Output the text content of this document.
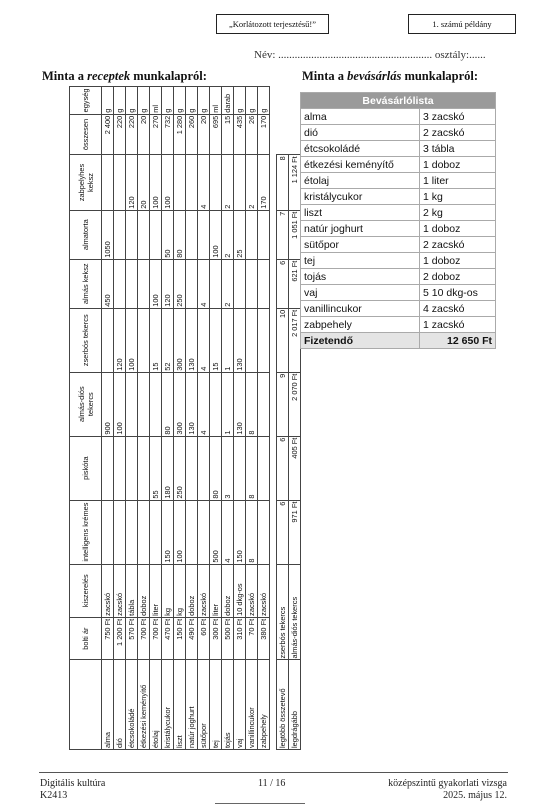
„Korlátozott terjesztésű!”	1. számú példány
Név: ........................................................ osztály:......
Minta a receptek munkalapról:	Minta a bevásárlás munkalapról:
	bolti ár	kiszerelés	intelligens krémes	piskóta	almás-diós tekercs	zserbós tekercs	almás keksz	almatorta	zabpelyhes keksz	összesen	egység
alma	750 Ft	zacskó			900		450	1050		2 400	g
dió	1 200 Ft	zacskó			100	120				220	g
étcsokoládé	570 Ft	tábla				100			120	220	g
étkezési keményítő	700 Ft	doboz							20	20	g
étolaj	700 Ft	liter		55		15	100		100	270	ml
kristálycukor	470 Ft	kg	150	180	80	52	120	50	100	732	g
liszt	150 Ft	kg	100	250	300	300	250	80		1 280	g
natúr joghurt	490 Ft	doboz			130	130				260	g
sütőpor	60 Ft	zacskó			4	4	4		4	20	g
tej	300 Ft	liter	500	80		15		100		695	ml
tojás	500 Ft	doboz	4	3	1	1	2	2	2	15	darab
vaj	310 Ft	10 dkg-os	150		130	130		25		435	g
vanillincukor	70 Ft	zacskó	8	8	8				2	26	g
zabpehely	380 Ft	zacskó							170	170	g

legtöbb összetevő	zserbós tekercs		6	6	9	10	6	7	8		
legdrágább	almás-diós tekercs		971 Ft	405 Ft	2 070 Ft	2 017 Ft	621 Ft	1 051 Ft	1 124 Ft		
Bevásárlólista	
alma	3 zacskó
dió	2 zacskó
étcsokoládé	3 tábla
étkezési keményítő	1 doboz
étolaj	1 liter
kristálycukor	1 kg
liszt	2 kg
natúr joghurt	1 doboz
sütőpor	2 zacskó
tej	1 doboz
tojás	2 doboz
vaj	5 10 dkg-os
vanillincukor	4 zacskó
zabpehely	1 zacskó
Fizetendő	12 650 Ft
Digitális kultúra
K2413
11 / 16	középszintű gyakorlati vizsga
2025. május 12.
